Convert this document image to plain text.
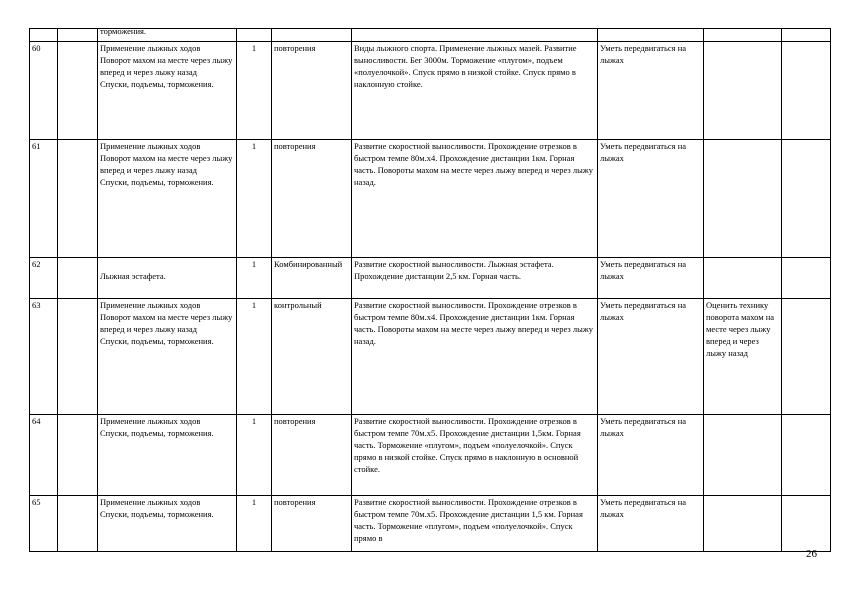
		торможения.						
60		Применение лыжных ходов
Поворот махом на месте через лыжу вперед и через лыжу назад
Спуски, подъемы, торможения.	1	повторения	Виды лыжного спорта. Применение лыжных мазей. Развитие выносливости. Бег 3000м. Торможение «плугом», подъем «полуелочкой». Спуск прямо в низкой стойке. Спуск прямо в наклонную стойке.	Уметь передвигаться на лыжах		
61		Применение лыжных ходов
Поворот махом на месте через лыжу вперед и через лыжу назад
Спуски, подъемы, торможения.	1	повторения	Развитие скоростной выносливости. Прохождение отрезков в быстром темпе 80м.х4. Прохождение дистанции 1км. Горная часть. Повороты махом на месте через лыжу вперед и через лыжу назад.	Уметь передвигаться на лыжах		
62		Лыжная эстафета.	1	Комбинированный	Развитие скоростной выносливости. Лыжная эстафета. Прохождение дистанции 2,5 км. Горная часть.	Уметь передвигаться на лыжах		
63		Применение лыжных ходов
Поворот махом на месте через лыжу вперед и через лыжу назад
Спуски, подъемы, торможения.	1	контрольный	Развитие скоростной выносливости. Прохождение отрезков в быстром темпе 80м.х4. Прохождение дистанции 1км. Горная часть. Повороты махом на месте через лыжу вперед и через лыжу назад.	Уметь передвигаться на лыжах	Оценить технику поворота махом на месте через лыжу вперед и через лыжу назад	
64		Применение лыжных ходов
Спуски, подъемы, торможения.	1	повторения	Развитие скоростной выносливости. Прохождение отрезков в быстром темпе 70м.х5. Прохождение дистанции 1,5км. Горная часть. Торможение «плугом», подъем «полуелочкой». Спуск прямо в низкой стойке. Спуск прямо в наклонную в основной стойке.	Уметь передвигаться на лыжах		
65		Применение лыжных ходов
Спуски, подъемы, торможения.	1	повторения	Развитие скоростной выносливости. Прохождение отрезков в быстром темпе 70м.х5. Прохождение дистанции 1,5 км. Горная часть. Торможение «плугом», подъем «полуелочкой». Спуск прямо в	Уметь передвигаться на лыжах		
26
